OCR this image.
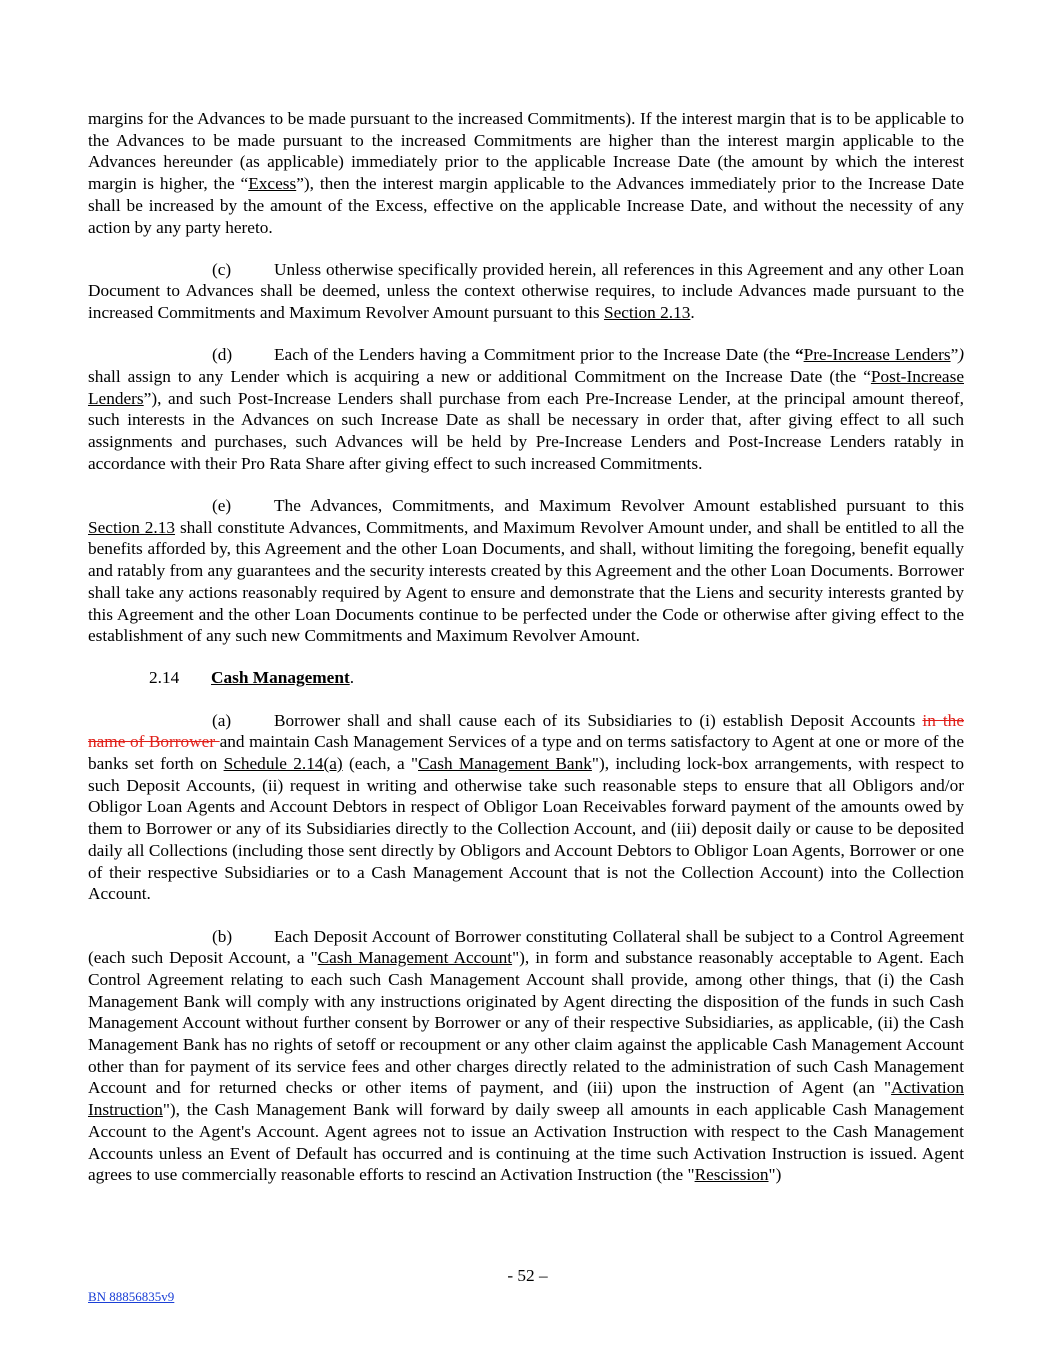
margins for the Advances to be made pursuant to the increased Commitments). If the interest margin that is to be applicable to the Advances to be made pursuant to the increased Commitments are higher than the interest margin applicable to the Advances hereunder (as applicable) immediately prior to the applicable Increase Date (the amount by which the interest margin is higher, the “Excess”), then the interest margin applicable to the Advances immediately prior to the Increase Date shall be increased by the amount of the Excess, effective on the applicable Increase Date, and without the necessity of any action by any party hereto.

(c) Unless otherwise specifically provided herein, all references in this Agreement and any other Loan Document to Advances shall be deemed, unless the context otherwise requires, to include Advances made pursuant to the increased Commitments and Maximum Revolver Amount pursuant to this Section 2.13.

(d) Each of the Lenders having a Commitment prior to the Increase Date (the “Pre-Increase Lenders”) shall assign to any Lender which is acquiring a new or additional Commitment on the Increase Date (the “Post-Increase Lenders”), and such Post-Increase Lenders shall purchase from each Pre-Increase Lender, at the principal amount thereof, such interests in the Advances on such Increase Date as shall be necessary in order that, after giving effect to all such assignments and purchases, such Advances will be held by Pre-Increase Lenders and Post-Increase Lenders ratably in accordance with their Pro Rata Share after giving effect to such increased Commitments.

(e) The Advances, Commitments, and Maximum Revolver Amount established pursuant to this Section 2.13 shall constitute Advances, Commitments, and Maximum Revolver Amount under, and shall be entitled to all the benefits afforded by, this Agreement and the other Loan Documents, and shall, without limiting the foregoing, benefit equally and ratably from any guarantees and the security interests created by this Agreement and the other Loan Documents. Borrower shall take any actions reasonably required by Agent to ensure and demonstrate that the Liens and security interests granted by this Agreement and the other Loan Documents continue to be perfected under the Code or otherwise after giving effect to the establishment of any such new Commitments and Maximum Revolver Amount.

2.14 Cash Management.

(a) Borrower shall and shall cause each of its Subsidiaries to (i) establish Deposit Accounts in the name of Borrower and maintain Cash Management Services of a type and on terms satisfactory to Agent at one or more of the banks set forth on Schedule 2.14(a) (each, a "Cash Management Bank"), including lock-box arrangements, with respect to such Deposit Accounts, (ii) request in writing and otherwise take such reasonable steps to ensure that all Obligors and/or Obligor Loan Agents and Account Debtors in respect of Obligor Loan Receivables forward payment of the amounts owed by them to Borrower or any of its Subsidiaries directly to the Collection Account, and (iii) deposit daily or cause to be deposited daily all Collections (including those sent directly by Obligors and Account Debtors to Obligor Loan Agents, Borrower or one of their respective Subsidiaries or to a Cash Management Account that is not the Collection Account) into the Collection Account.

(b) Each Deposit Account of Borrower constituting Collateral shall be subject to a Control Agreement (each such Deposit Account, a "Cash Management Account"), in form and substance reasonably acceptable to Agent. Each Control Agreement relating to each such Cash Management Account shall provide, among other things, that (i) the Cash Management Bank will comply with any instructions originated by Agent directing the disposition of the funds in such Cash Management Account without further consent by Borrower or any of their respective Subsidiaries, as applicable, (ii) the Cash Management Bank has no rights of setoff or recoupment or any other claim against the applicable Cash Management Account other than for payment of its service fees and other charges directly related to the administration of such Cash Management Account and for returned checks or other items of payment, and (iii) upon the instruction of Agent (an "Activation Instruction"), the Cash Management Bank will forward by daily sweep all amounts in each applicable Cash Management Account to the Agent's Account. Agent agrees not to issue an Activation Instruction with respect to the Cash Management Accounts unless an Event of Default has occurred and is continuing at the time such Activation Instruction is issued. Agent agrees to use commercially reasonable efforts to rescind an Activation Instruction (the "Rescission")

- 52 –
BN 88856835v9
